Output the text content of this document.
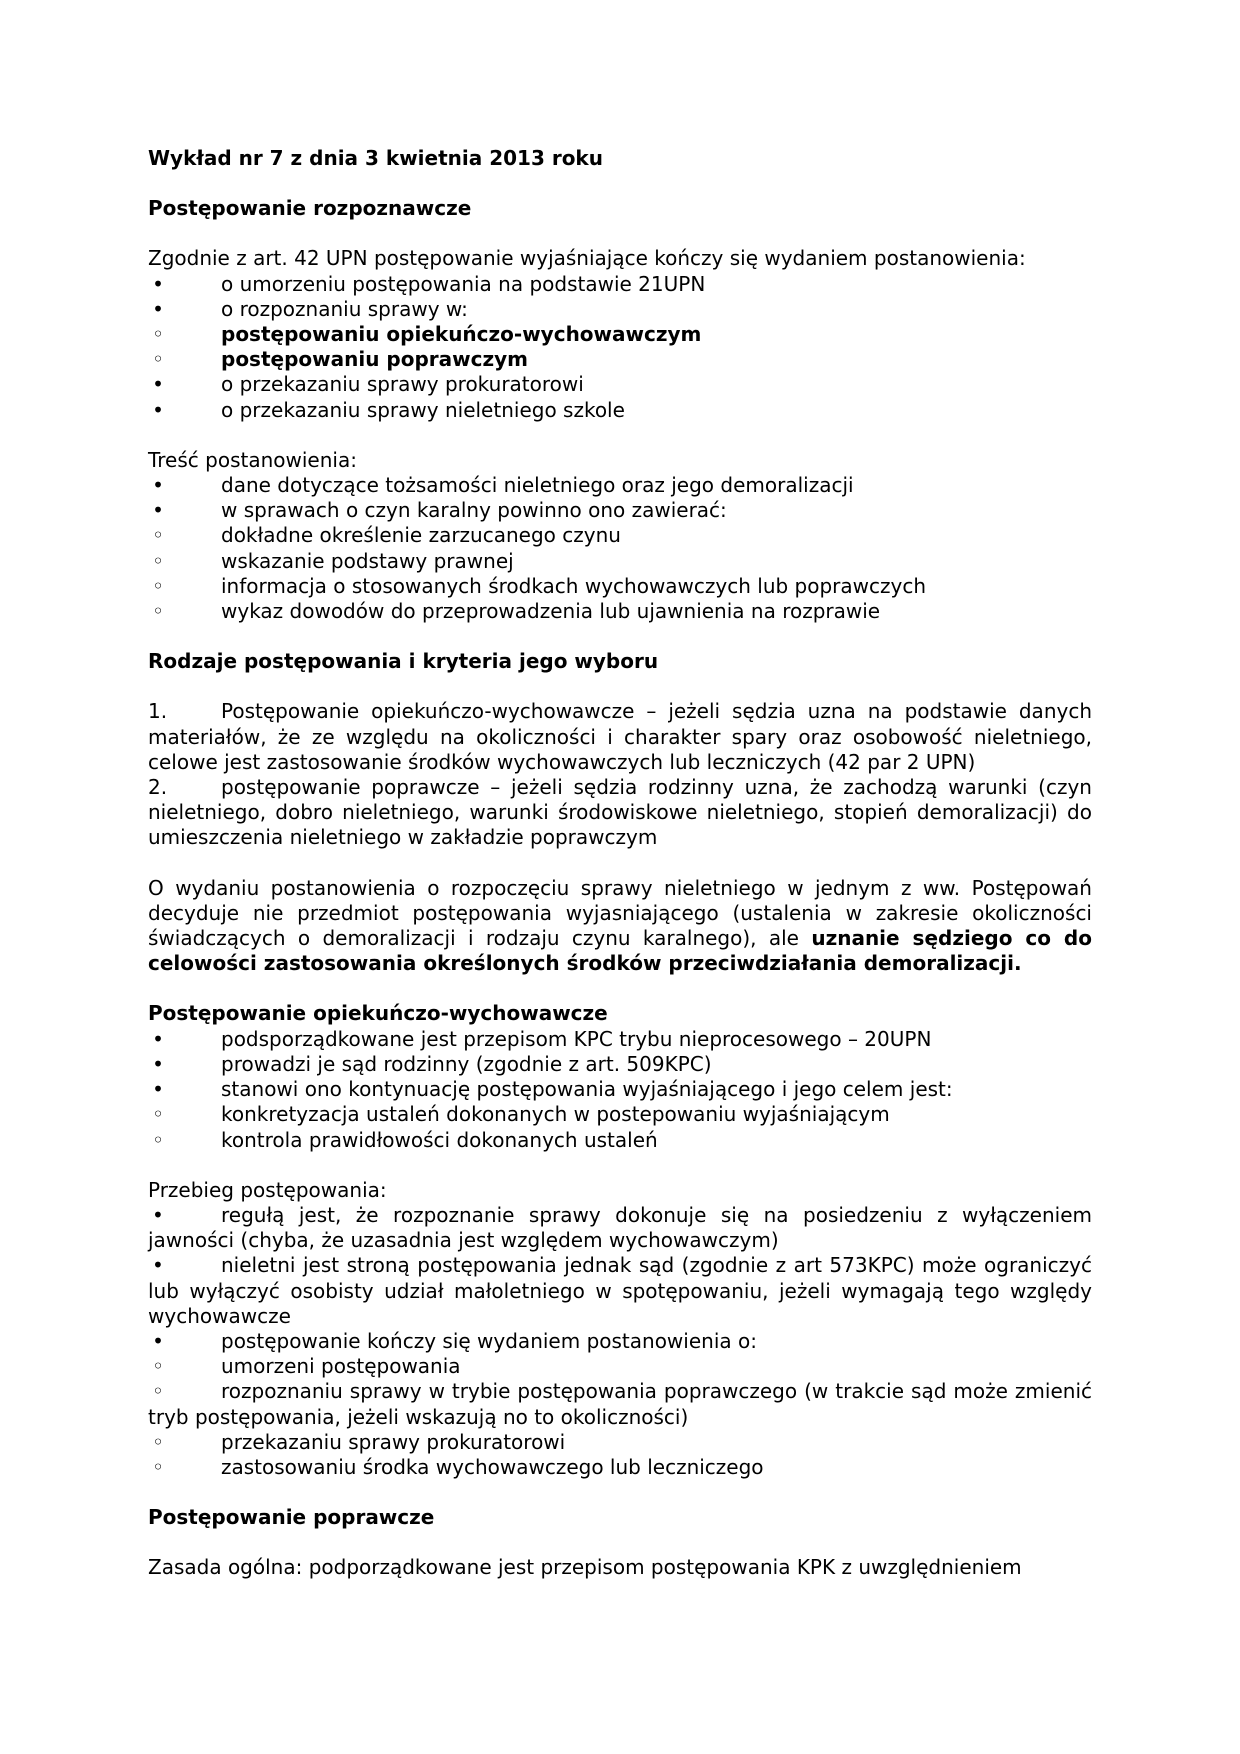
Wykład nr 7 z dnia 3 kwietnia 2013 roku

Postępowanie rozpoznawcze

Zgodnie z art. 42 UPN postępowanie wyjaśniające kończy się wydaniem postanowienia:

•	o umorzeniu postępowania na podstawie 21UPN

•	o rozpoznaniu sprawy w:

◦	postępowaniu opiekuńczo-wychowawczym

◦	postępowaniu poprawczym

•	o przekazaniu sprawy prokuratorowi

•	o przekazaniu sprawy nieletniego szkole

Treść postanowienia:

•	dane dotyczące tożsamości nieletniego oraz jego demoralizacji

•	w sprawach o czyn karalny powinno ono zawierać:

◦	dokładne określenie zarzucanego czynu

◦	wskazanie podstawy prawnej

◦	informacja o stosowanych środkach wychowawczych lub poprawczych

◦	wykaz dowodów do przeprowadzenia lub ujawnienia na rozprawie

Rodzaje postępowania i kryteria jego wyboru

1.	Postępowanie opiekuńczo-wychowawcze – jeżeli sędzia uzna na podstawie danych materiałów, że ze względu na okoliczności i charakter spary oraz osobowość nieletniego, celowe jest zastosowanie środków wychowawczych lub leczniczych (42 par 2 UPN)

2.	postępowanie poprawcze – jeżeli sędzia rodzinny uzna, że zachodzą warunki (czyn nieletniego, dobro nieletniego, warunki środowiskowe nieletniego, stopień demoralizacji) do umieszczenia nieletniego w zakładzie poprawczym

O wydaniu postanowienia o rozpoczęciu sprawy nieletniego w jednym z ww. Postępowań decyduje nie przedmiot postępowania wyjasniającego (ustalenia w zakresie okoliczności świadczących o demoralizacji i rodzaju czynu karalnego), ale uznanie sędziego co do celowości zastosowania określonych środków przeciwdziałania demoralizacji.

Postępowanie opiekuńczo-wychowawcze

•	podsporządkowane jest przepisom KPC trybu nieprocesowego – 20UPN

•	prowadzi je sąd rodzinny (zgodnie z art. 509KPC)

•	stanowi ono kontynuację postępowania wyjaśniającego i jego celem jest:

◦	konkretyzacja ustaleń dokonanych w postepowaniu wyjaśniającym

◦	kontrola prawidłowości dokonanych ustaleń

Przebieg postępowania:

•	regułą jest, że rozpoznanie sprawy dokonuje się na posiedzeniu z wyłączeniem jawności (chyba, że uzasadnia jest względem wychowawczym)

•	nieletni jest stroną postępowania jednak sąd (zgodnie z art 573KPC) może ograniczyć lub wyłączyć osobisty udział małoletniego w spotępowaniu, jeżeli wymagają tego względy wychowawcze

•	postępowanie kończy się wydaniem postanowienia o:

◦	umorzeni postępowania

◦	rozpoznaniu sprawy w trybie postępowania poprawczego (w trakcie sąd może zmienić tryb postępowania, jeżeli wskazują no to okoliczności)

◦	przekazaniu sprawy prokuratorowi

◦	zastosowaniu środka wychowawczego lub leczniczego

Postępowanie poprawcze

Zasada ogólna: podporządkowane jest przepisom postępowania KPK z uwzględnieniem
